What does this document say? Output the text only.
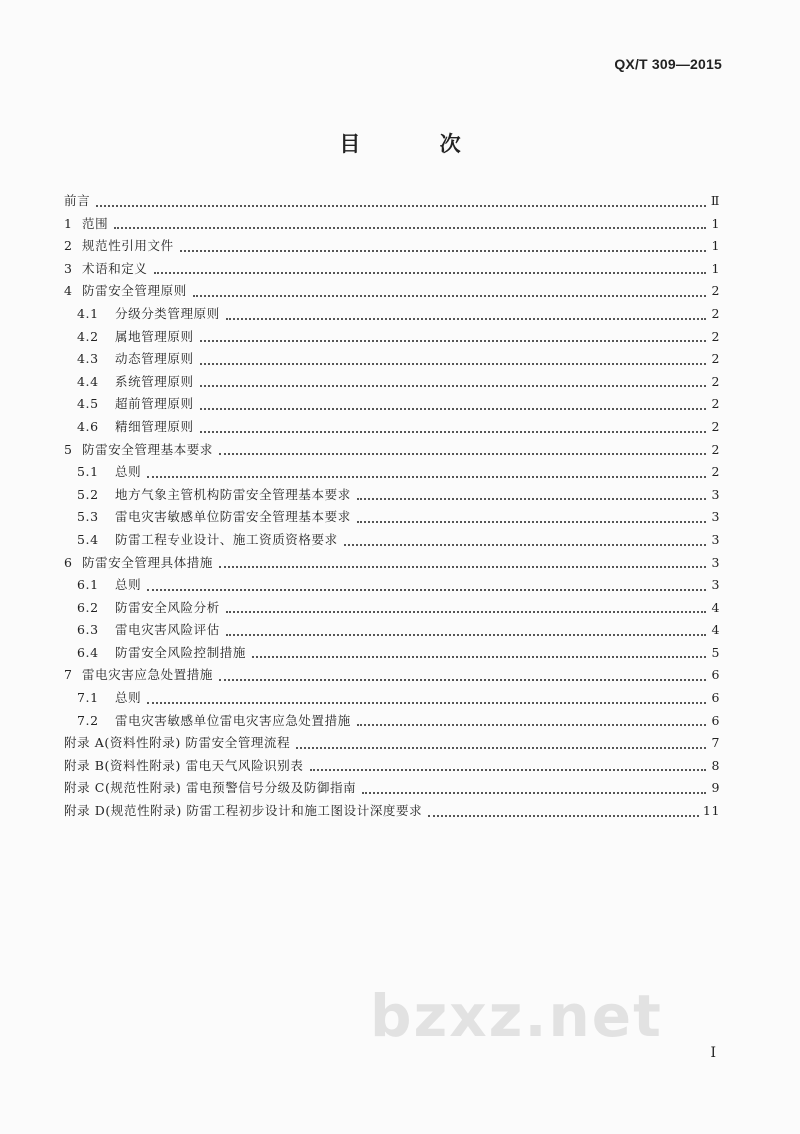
QX/T 309—2015
目 次
前言	Ⅱ
1 范围	1
2 规范性引用文件	1
3 术语和定义	1
4 防雷安全管理原则	2
4.1	分级分类管理原则	2
4.2	属地管理原则	2
4.3	动态管理原则	2
4.4	系统管理原则	2
4.5	超前管理原则	2
4.6	精细管理原则	2
5 防雷安全管理基本要求	2
5.1	总则	2
5.2	地方气象主管机构防雷安全管理基本要求	3
5.3	雷电灾害敏感单位防雷安全管理基本要求	3
5.4	防雷工程专业设计、施工资质资格要求	3
6 防雷安全管理具体措施	3
6.1	总则	3
6.2	防雷安全风险分析	4
6.3	雷电灾害风险评估	4
6.4	防雷安全风险控制措施	5
7 雷电灾害应急处置措施	6
7.1	总则	6
7.2	雷电灾害敏感单位雷电灾害应急处置措施	6
附录 A(资料性附录) 防雷安全管理流程	7
附录 B(资料性附录) 雷电天气风险识别表	8
附录 C(规范性附录) 雷电预警信号分级及防御指南	9
附录 D(规范性附录) 防雷工程初步设计和施工图设计深度要求	11
bzxz.net
Ⅰ
